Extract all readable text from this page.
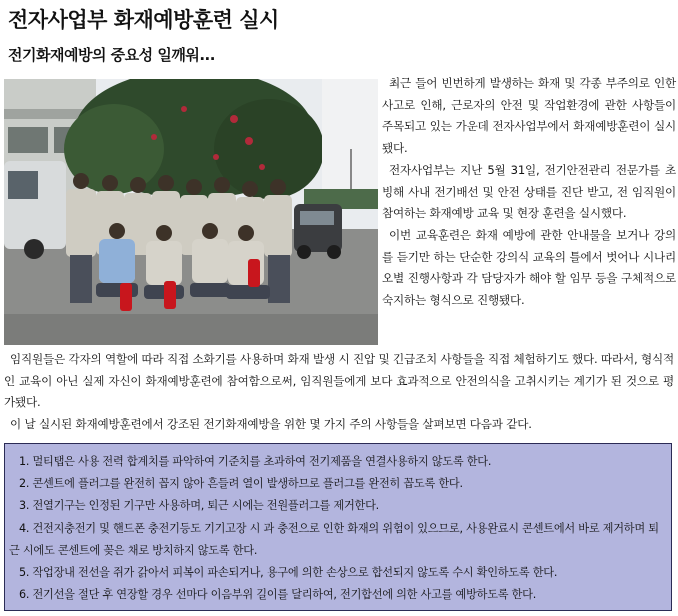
전자사업부 화재예방훈련 실시
전기화재예방의 중요성 일깨워...

최근 들어 빈번하게 발생하는 화재 및 각종 부주의로 인한 사고로 인해, 근로자의 안전 및 작업환경에 관한 사항들이 주목되고 있는 가운데 전자사업부에서 화재예방훈련이 실시됐다.

전자사업부는 지난 5월 31일, 전기안전관리 전문가를 초빙해 사내 전기배선 및 안전 상태를 진단 받고, 전 임직원이 참여하는 화재예방 교육 및 현장 훈련을 실시했다.

이번 교육훈련은 화재 예방에 관한 안내물을 보거나 강의를 듣기만 하는 단순한 강의식 교육의 틀에서 벗어나 시나리오별 진행사항과 각 담당자가 해야 할 임무 등을 구체적으로 숙지하는 형식으로 진행됐다.

임직원들은 각자의 역할에 따라 직접 소화기를 사용하며 화재 발생 시 진압 및 긴급조치 사항들을 직접 체험하기도 했다. 따라서, 형식적인 교육이 아닌 실제 자신이 화재예방훈련에 참여함으로써, 임직원들에게 보다 효과적으로 안전의식을 고취시키는 계기가 된 것으로 평가됐다.

이 날 실시된 화재예방훈련에서 강조된 전기화재예방을 위한 몇 가지 주의 사항들을 살펴보면 다음과 같다.

1. 멀티탭은 사용 전력 합계치를 파악하여 기준치를 초과하여 전기제품을 연결사용하지 않도록 한다.
2. 콘센트에 플러그를 완전히 꼽지 않아 흔들려 열이 발생하므로 플러그를 완전히 꼽도록 한다.
3. 전열기구는 인정된 기구만 사용하며, 퇴근 시에는 전원플러그를 제거한다.
4. 건전지충전기 및 핸드폰 충전기등도 기기고장 시 과 충전으로 인한 화재의 위험이 있으므로, 사용완료시 콘센트에서 바로 제거하며 퇴근 시에도 콘센트에 꽂은 채로 방치하지 않도록 한다.
5. 작업장내 전선을 쥐가 갉아서 피복이 파손되거나, 용구에 의한 손상으로 합선되지 않도록 수시 확인하도록 한다.
6. 전기선을 절단 후 연장할 경우 선마다 이음부위 길이를 달리하여, 전기합선에 의한 사고를 예방하도록 한다.
